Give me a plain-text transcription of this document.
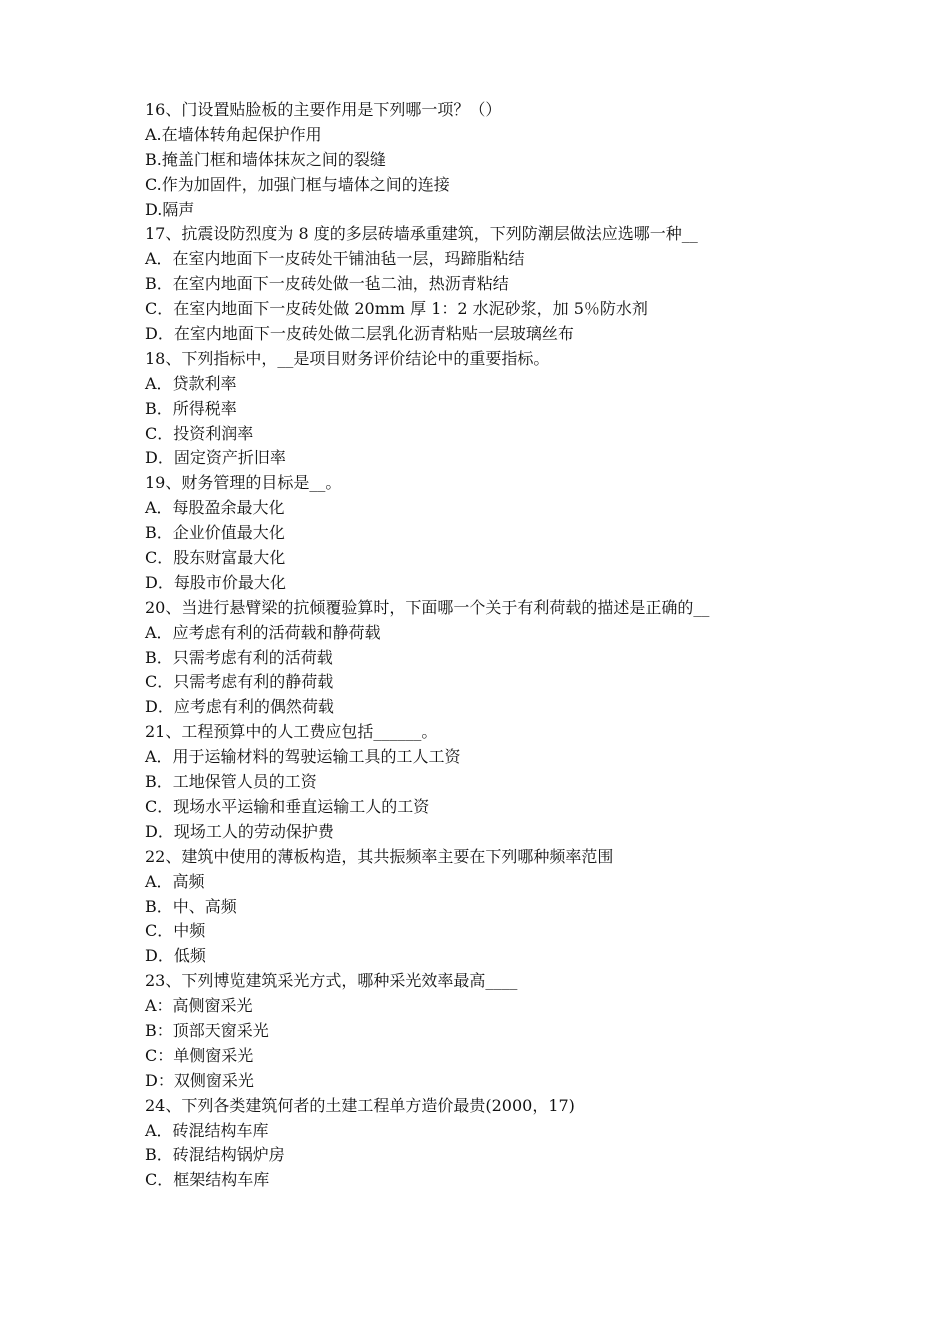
16、门设置贴脸板的主要作用是下列哪一项？（）
A.在墙体转角起保护作用
B.掩盖门框和墙体抹灰之间的裂缝
C.作为加固件，加强门框与墙体之间的连接
D.隔声
17、抗震设防烈度为 8 度的多层砖墙承重建筑，下列防潮层做法应选哪一种__
A．在室内地面下一皮砖处干铺油毡一层，玛蹄脂粘结
B．在室内地面下一皮砖处做一毡二油，热沥青粘结
C．在室内地面下一皮砖处做 20mm 厚 1：2 水泥砂浆，加 5％防水剂
D．在室内地面下一皮砖处做二层乳化沥青粘贴一层玻璃丝布
18、下列指标中，__是项目财务评价结论中的重要指标。
A．贷款利率
B．所得税率
C．投资利润率
D．固定资产折旧率
19、财务管理的目标是__。
A．每股盈余最大化
B．企业价值最大化
C．股东财富最大化
D．每股市价最大化
20、当进行悬臂梁的抗倾覆验算时，下面哪一个关于有利荷载的描述是正确的__
A．应考虑有利的活荷载和静荷载
B．只需考虑有利的活荷载
C．只需考虑有利的静荷载
D．应考虑有利的偶然荷载
21、工程预算中的人工费应包括______。
A．用于运输材料的驾驶运输工具的工人工资
B．工地保管人员的工资
C．现场水平运输和垂直运输工人的工资
D．现场工人的劳动保护费
22、建筑中使用的薄板构造，其共振频率主要在下列哪种频率范围
A．高频
B．中、高频
C．中频
D．低频
23、下列博览建筑采光方式，哪种采光效率最高____
A：高侧窗采光
B：顶部天窗采光
C：单侧窗采光
D：双侧窗采光
24、下列各类建筑何者的土建工程单方造价最贵(2000，17)
A．砖混结构车库
B．砖混结构锅炉房
C．框架结构车库
